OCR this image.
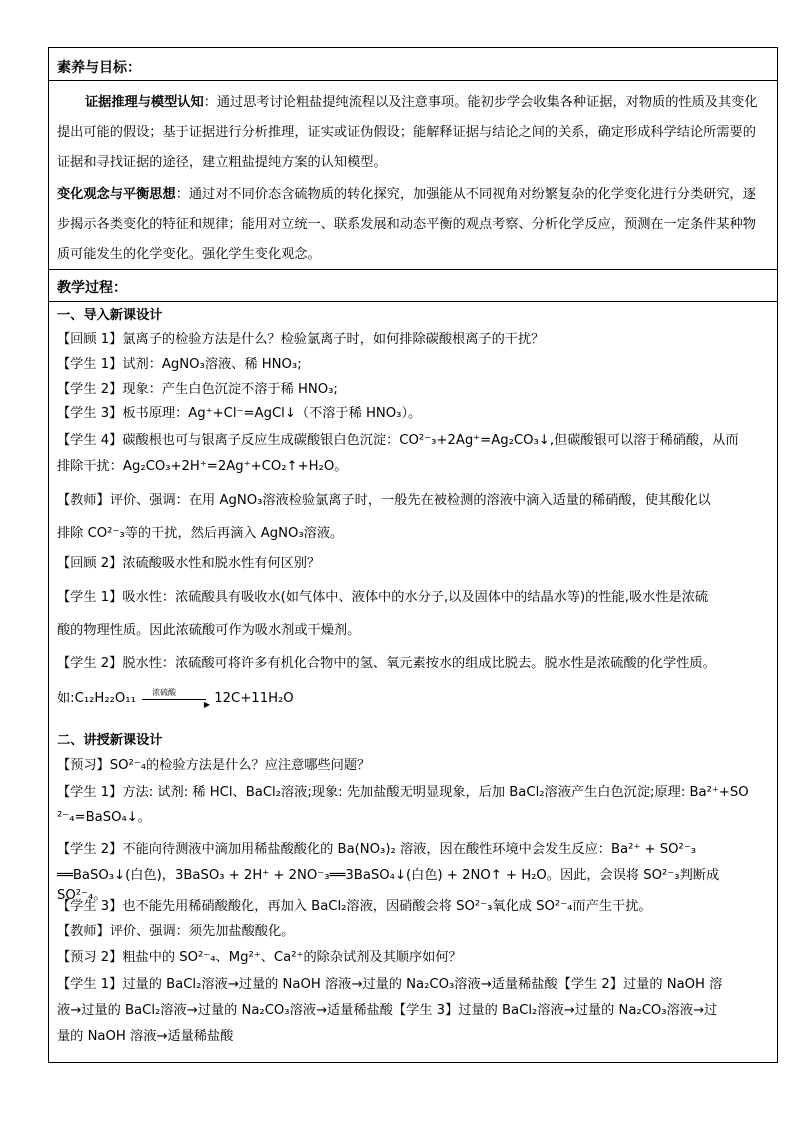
素养与目标：
证据推理与模型认知：通过思考讨论粗盐提纯流程以及注意事项。能初步学会收集各种证据，对物质的性质及其变化提出可能的假设；基于证据进行分析推理，证实或证伪假设；能解释证据与结论之间的关系，确定形成科学结论所需要的证据和寻找证据的途径，建立粗盐提纯方案的认知模型。
变化观念与平衡思想：通过对不同价态含硫物质的转化探究，加强能从不同视角对纷繁复杂的化学变化进行分类研究，逐步揭示各类变化的特征和规律；能用对立统一、联系发展和动态平衡的观点考察、分析化学反应，预测在一定条件某种物质可能发生的化学变化。强化学生变化观念。
教学过程：
一、导入新课设计
【回顾 1】氯离子的检验方法是什么？检验氯离子时，如何排除碳酸根离子的干扰？
【学生 1】试剂：AgNO₃溶液、稀 HNO₃;
【学生 2】现象：产生白色沉淀不溶于稀 HNO₃;
【学生 3】板书原理：Ag⁺+Cl⁻=AgCl↓（不溶于稀 HNO₃）。
【学生 4】碳酸根也可与银离子反应生成碳酸银白色沉淀：CO²⁻₃+2Ag⁺=Ag₂CO₃↓,但碳酸银可以溶于稀硝酸，从而
排除干扰：Ag₂CO₃+2H⁺=2Ag⁺+CO₂↑+H₂O。
【教师】评价、强调：在用 AgNO₃溶液检验氯离子时，一般先在被检测的溶液中滴入适量的稀硝酸，使其酸化以
排除 CO²⁻₃等的干扰，然后再滴入 AgNO₃溶液。
【回顾 2】浓硫酸吸水性和脱水性有何区别？
【学生 1】吸水性：浓硫酸具有吸收水(如气体中、液体中的水分子,以及固体中的结晶水等)的性能,吸水性是浓硫
酸的物理性质。因此浓硫酸可作为吸水剂或干燥剂。
【学生 2】脱水性：浓硫酸可将许多有机化合物中的氢、氧元素按水的组成比脱去。脱水性是浓硫酸的化学性质。
如:C₁₂H₂₂O₁₁ 浓硫酸
▶ 12C+11H₂O
二、讲授新课设计
【预习】SO²⁻₄的检验方法是什么？应注意哪些问题？
【学生 1】方法: 试剂: 稀 HCl、BaCl₂溶液;现象: 先加盐酸无明显现象，后加 BaCl₂溶液产生白色沉淀;原理: Ba²⁺+SO
²⁻₄=BaSO₄↓。
【学生 2】不能向待测液中滴加用稀盐酸酸化的 Ba(NO₃)₂ 溶液，因在酸性环境中会发生反应：Ba²⁺ + SO²⁻₃
══BaSO₃↓(白色)，3BaSO₃ + 2H⁺ + 2NO⁻₃══3BaSO₄↓(白色) + 2NO↑ + H₂O。因此，会误将 SO²⁻₃判断成 SO²⁻₄。
【学生 3】也不能先用稀硝酸酸化，再加入 BaCl₂溶液，因硝酸会将 SO²⁻₃氧化成 SO²⁻₄而产生干扰。
【教师】评价、强调：须先加盐酸酸化。
【预习 2】粗盐中的 SO²⁻₄、Mg²⁺、Ca²⁺的除杂试剂及其顺序如何？
【学生 1】过量的 BaCl₂溶液→过量的 NaOH 溶液→过量的 Na₂CO₃溶液→适量稀盐酸【学生 2】过量的 NaOH 溶
液→过量的 BaCl₂溶液→过量的 Na₂CO₃溶液→适量稀盐酸【学生 3】过量的 BaCl₂溶液→过量的 Na₂CO₃溶液→过
量的 NaOH 溶液→适量稀盐酸
